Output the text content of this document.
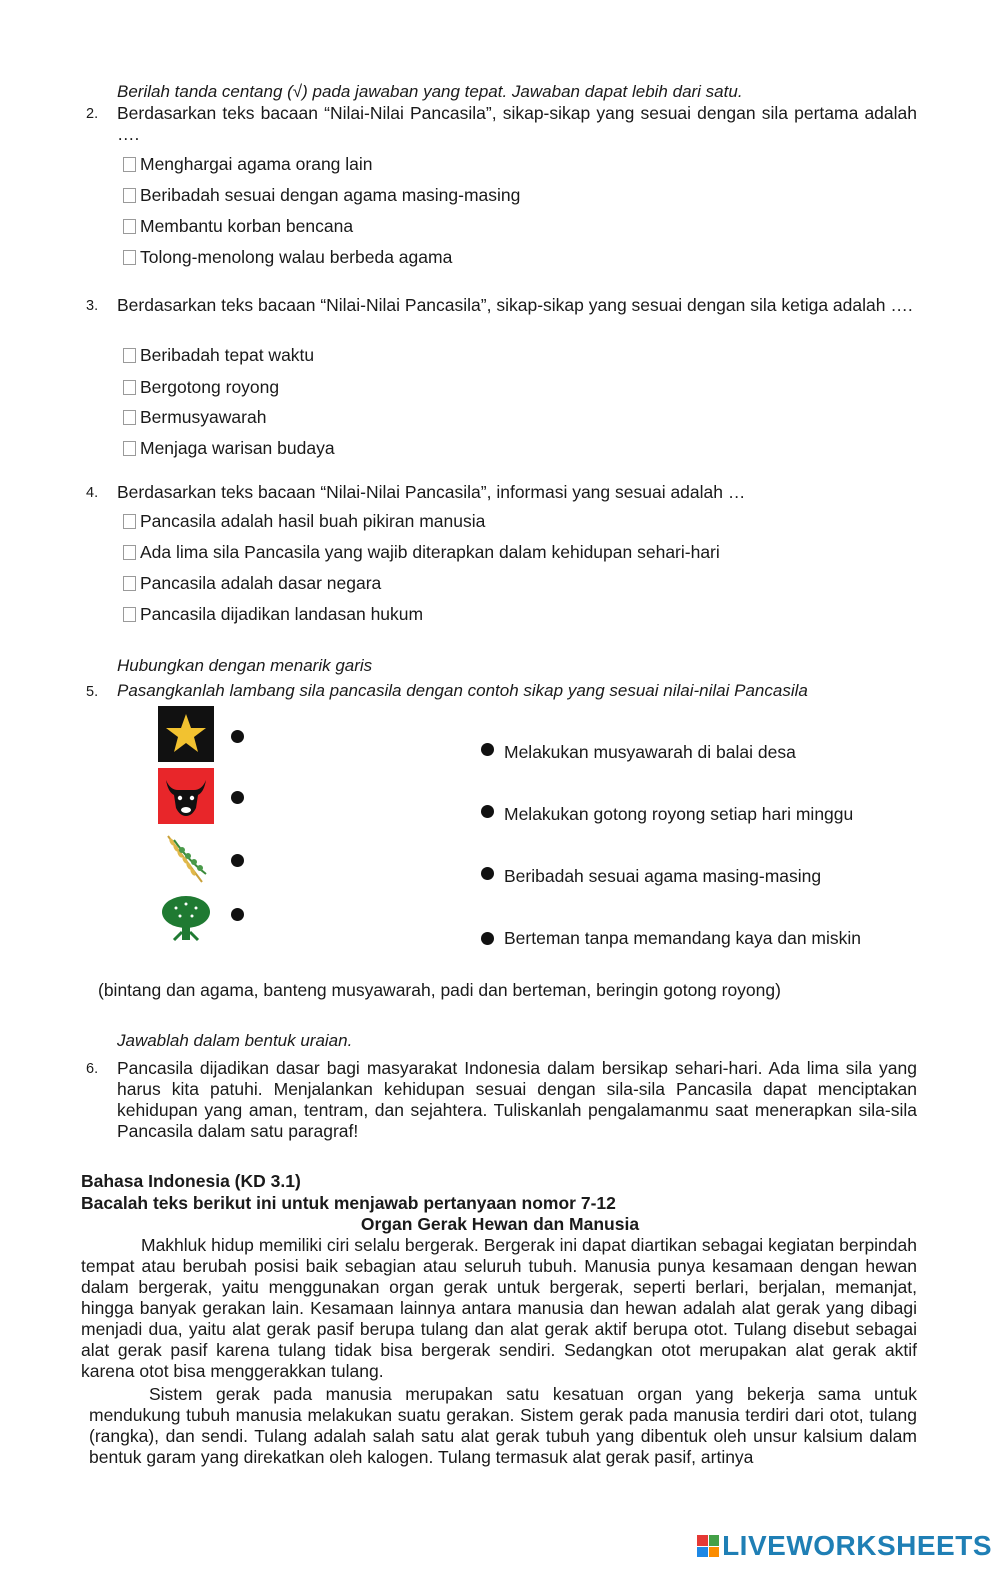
Berilah tanda centang (√) pada jawaban yang tepat. Jawaban dapat lebih dari satu.
2. Berdasarkan teks bacaan “Nilai-Nilai Pancasila”, sikap-sikap yang sesuai dengan sila pertama adalah ….
Menghargai agama orang lain
Beribadah sesuai dengan agama masing-masing
Membantu korban bencana
Tolong-menolong walau berbeda agama
3. Berdasarkan teks bacaan “Nilai-Nilai Pancasila”, sikap-sikap yang sesuai dengan sila ketiga adalah ….
Beribadah tepat waktu
Bergotong royong
Bermusyawarah
Menjaga warisan budaya
4. Berdasarkan teks bacaan “Nilai-Nilai Pancasila”, informasi yang sesuai adalah …
Pancasila adalah hasil buah pikiran manusia
Ada lima sila Pancasila yang wajib diterapkan dalam kehidupan sehari-hari
Pancasila adalah dasar negara
Pancasila dijadikan landasan hukum
Hubungkan dengan menarik garis
5. Pasangkanlah lambang sila pancasila dengan contoh sikap yang sesuai nilai-nilai Pancasila
Melakukan musyawarah di balai desa
Melakukan gotong royong setiap hari minggu
Beribadah sesuai agama masing-masing
Berteman tanpa memandang kaya dan miskin
(bintang dan agama, banteng musyawarah, padi dan berteman, beringin gotong royong)
Jawablah dalam bentuk uraian.
6. Pancasila dijadikan dasar bagi masyarakat Indonesia dalam bersikap sehari-hari. Ada lima sila yang harus kita patuhi. Menjalankan kehidupan sesuai dengan sila-sila Pancasila dapat menciptakan kehidupan yang aman, tentram, dan sejahtera. Tuliskanlah pengalamanmu saat menerapkan sila-sila Pancasila dalam satu paragraf!
Bahasa Indonesia (KD 3.1)
Bacalah teks berikut ini untuk menjawab pertanyaan nomor 7-12
Organ Gerak Hewan dan Manusia

Makhluk hidup memiliki ciri selalu bergerak. Bergerak ini dapat diartikan sebagai kegiatan berpindah tempat atau berubah posisi baik sebagian atau seluruh tubuh. Manusia punya kesamaan dengan hewan dalam bergerak, yaitu menggunakan organ gerak untuk bergerak, seperti berlari, berjalan, memanjat, hingga banyak gerakan lain. Kesamaan lainnya antara manusia dan hewan adalah alat gerak yang dibagi menjadi dua, yaitu alat gerak pasif berupa tulang dan alat gerak aktif berupa otot. Tulang disebut sebagai alat gerak pasif karena tulang tidak bisa bergerak sendiri. Sedangkan otot merupakan alat gerak aktif karena otot bisa menggerakkan tulang.

Sistem gerak pada manusia merupakan satu kesatuan organ yang bekerja sama untuk mendukung tubuh manusia melakukan suatu gerakan. Sistem gerak pada manusia terdiri dari otot, tulang (rangka), dan sendi. Tulang adalah salah satu alat gerak tubuh yang dibentuk oleh unsur kalsium dalam bentuk garam yang direkatkan oleh kalogen. Tulang termasuk alat gerak pasif, artinya

LIVEWORKSHEETS
